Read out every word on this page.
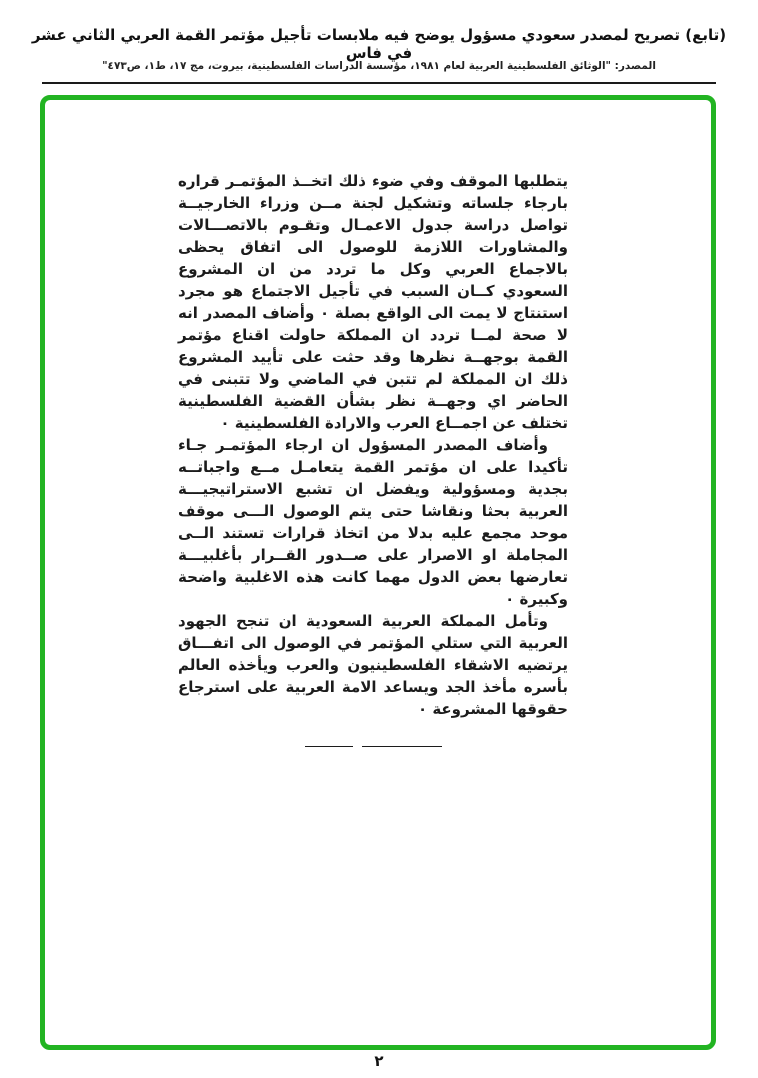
(تابع) تصريح لمصدر سعودي مسؤول يوضح فيه ملابسات تأجيل مؤتمر القمة العربي الثاني عشر في فاس
المصدر: "الوثائق الفلسطينية العربية لعام ١٩٨١، مؤسسة الدراسات الفلسطينية، بيروت، مج ١٧، ط١، ص٤٧٣"

يتطلبها الموقف وفي ضوء ذلك اتخــذ المؤتمـر قراره بارجاء جلساته وتشكيل لجنة مــن وزراء الخارجيــة تواصل دراسة جدول الاعمـال وتقـوم بالاتصـــالات والمشاورات اللازمة للوصول الى اتفاق يحظى بالاجماع العربي وكل ما تردد من ان المشروع السعودي كــان السبب في تأجيل الاجتماع هو مجرد استنتاج لا يمت الى الواقع بصلة ٠ وأضاف المصدر انه لا صحة لمــا تردد ان المملكة حاولت اقناع مؤتمر القمة بوجهــة نظرها وقد حثت على تأييد المشروع ذلك ان المملكة لم تتبن في الماضي ولا تتبنى في الحاضر اي وجهــة نظر بشأن القضية الفلسطينية تختلف عن اجمــاع العرب والارادة الفلسطينية ٠

وأضاف المصدر المسؤول ان ارجاء المؤتمـر جـاء تأكيدا على ان مؤتمر القمة يتعامـل مــع واجباتــه بجدية ومسؤولية ويفضل ان تشبع الاستراتيجيـــة العربية بحثا ونقاشا حتى يتم الوصول الـــى موقف موحد مجمع عليه بدلا من اتخاذ قرارات تستند الــى المجاملة او الاصرار على صــدور القــرار بأغلبيـــة تعارضها بعض الدول مهما كانت هذه الاغلبية واضحة وكبيرة ٠

وتأمل المملكة العربية السعودية ان تنجح الجهود العربية التي ستلي المؤتمر في الوصول الى اتفـــاق يرتضيه الاشقاء الفلسطينيون والعرب ويأخذه العالم بأسره مأخذ الجد ويساعد الامة العربية على استرجاع حقوقها المشروعة ٠

٢
